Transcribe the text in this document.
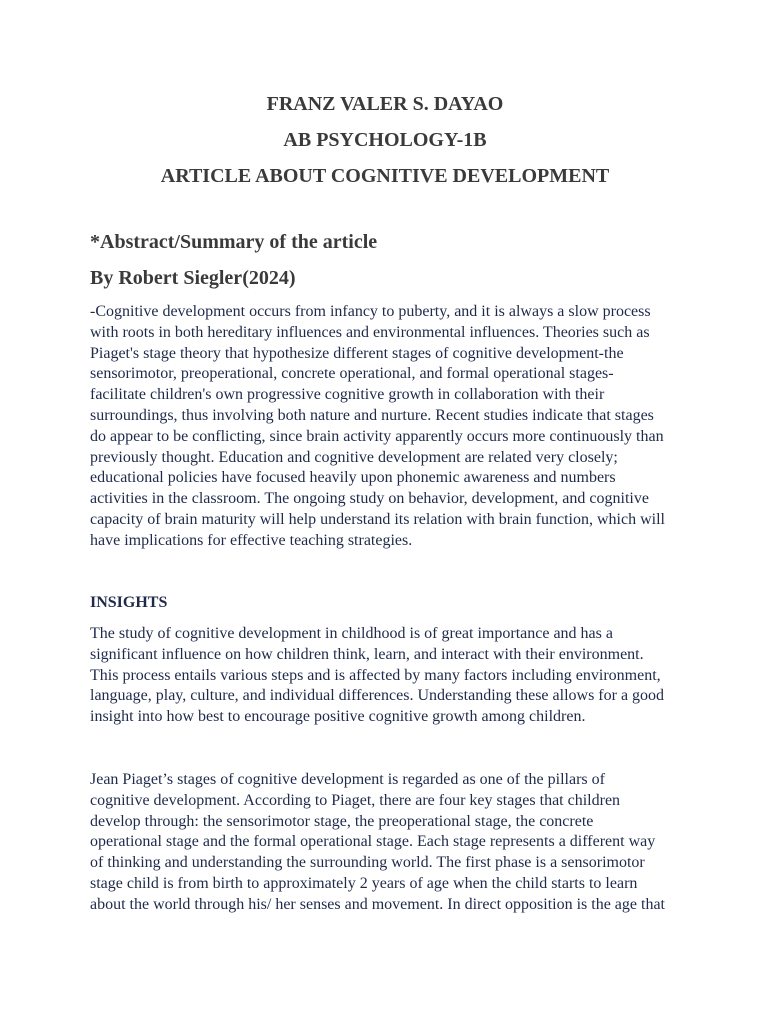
FRANZ VALER S. DAYAO
AB PSYCHOLOGY-1B
ARTICLE ABOUT COGNITIVE DEVELOPMENT
*Abstract/Summary of the article
By Robert Siegler(2024)

-Cognitive development occurs from infancy to puberty, and it is always a slow process
with roots in both hereditary influences and environmental influences. Theories such as
Piaget's stage theory that hypothesize different stages of cognitive development-the
sensorimotor, preoperational, concrete operational, and formal operational stages-
facilitate children's own progressive cognitive growth in collaboration with their
surroundings, thus involving both nature and nurture. Recent studies indicate that stages
do appear to be conflicting, since brain activity apparently occurs more continuously than
previously thought. Education and cognitive development are related very closely;
educational policies have focused heavily upon phonemic awareness and numbers
activities in the classroom. The ongoing study on behavior, development, and cognitive
capacity of brain maturity will help understand its relation with brain function, which will
have implications for effective teaching strategies.

INSIGHTS

The study of cognitive development in childhood is of great importance and has a
significant influence on how children think, learn, and interact with their environment.
This process entails various steps and is affected by many factors including environment,
language, play, culture, and individual differences. Understanding these allows for a good
insight into how best to encourage positive cognitive growth among children.

Jean Piaget’s stages of cognitive development is regarded as one of the pillars of
cognitive development. According to Piaget, there are four key stages that children
develop through: the sensorimotor stage, the preoperational stage, the concrete
operational stage and the formal operational stage. Each stage represents a different way
of thinking and understanding the surrounding world. The first phase is a sensorimotor
stage child is from birth to approximately 2 years of age when the child starts to learn
about the world through his/ her senses and movement. In direct opposition is the age that
